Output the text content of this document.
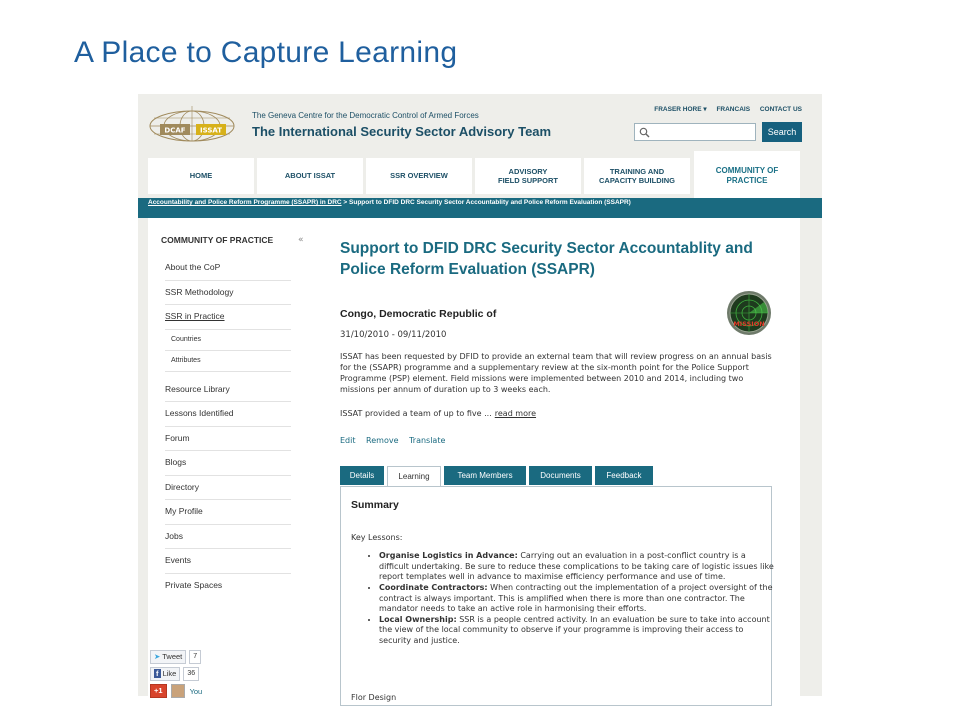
A Place to Capture Learning
DCAF ISSAT
The Geneva Centre for the Democratic Control of Armed Forces
The International Security Sector Advisory Team
FRASER HORE ▾ FRANCAIS CONTACT US
Search
HOME	ABOUT ISSAT	SSR OVERVIEW
ADVISORY
FIELD SUPPORT
TRAINING AND
CAPACITY BUILDING
COMMUNITY OF
PRACTICE
Accountability and Police Reform Programme (SSAPR) in DRC > Support to DFID DRC Security Sector Accountablity and Police Reform Evaluation (SSAPR)
COMMUNITY OF PRACTICE	«
About the CoP
SSR Methodology
SSR in Practice
Countries
Attributes
Resource Library
Lessons Identified
Forum
Blogs
Directory
My Profile
Jobs
Events
Private Spaces
➤ Tweet	7
f Like	36
+1	You
Support to DFID DRC Security Sector Accountablity and Police Reform Evaluation (SSAPR)
Congo, Democratic Republic of
31/10/2010 - 09/11/2010
MISSION
ISSAT has been requested by DFID to provide an external team that will review progress on an annual basis for the (SSAPR) programme and a supplementary review at the six-month point for the Police Support Programme (PSP) element. Field missions were implemented between 2010 and 2014, including two missions per annum of duration up to 3 weeks each.
ISSAT provided a team of up to five ... read more
Edit Remove Translate
Details	Learning	Team Members	Documents	Feedback
Summary
Key Lessons:
• Organise Logistics in Advance: Carrying out an evaluation in a post-conflict country is a difficult undertaking. Be sure to reduce these complications to be taking care of logistic issues like report templates well in advance to maximise efficiency performance and use of time.
• Coordinate Contractors: When contracting out the implementation of a project oversight of the contract is always important. This is amplified when there is more than one contractor. The mandator needs to take an active role in harmonising their efforts.
• Local Ownership: SSR is a people centred activity. In an evaluation be sure to take into account the view of the local community to observe if your programme is improving their access to security and justice.
Flor Design
